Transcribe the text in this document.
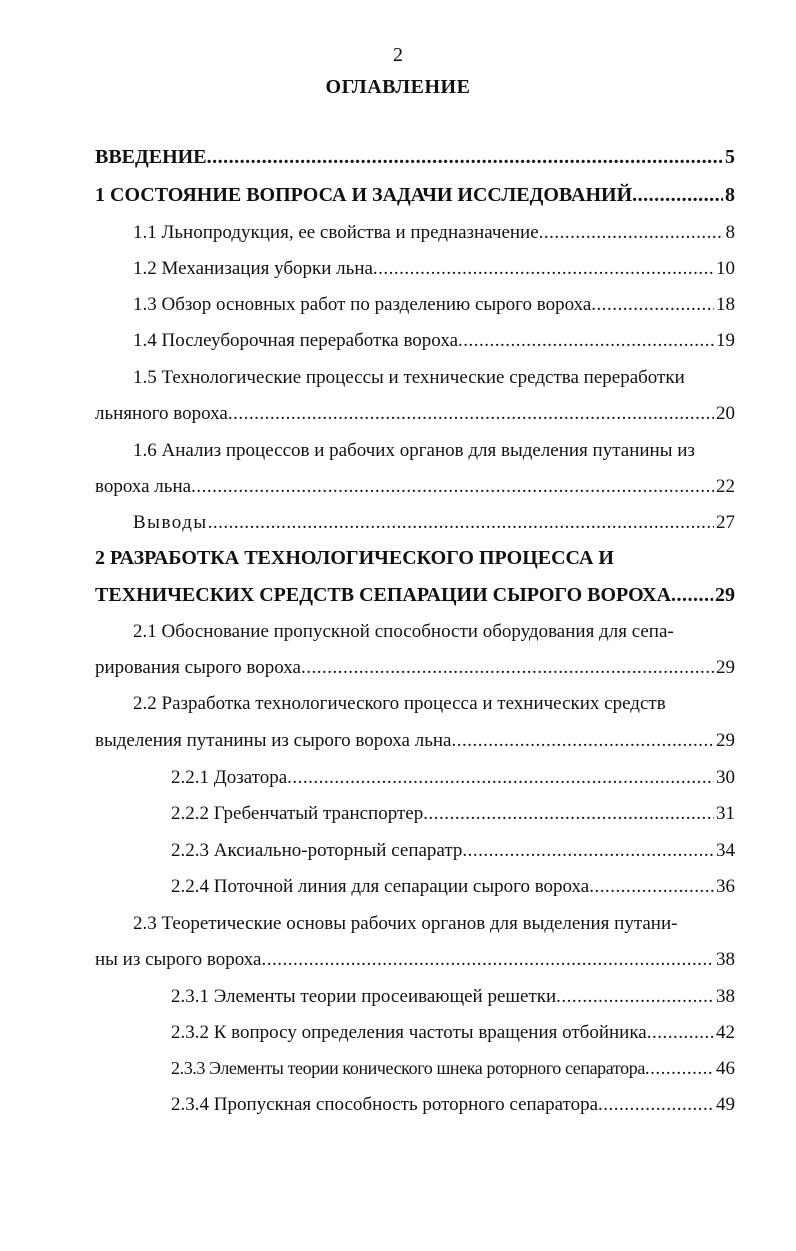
2
ОГЛАВЛЕНИЕ
ВВЕДЕНИЕ .....	5
1 СОСТОЯНИЕ ВОПРОСА И ЗАДАЧИ ИССЛЕДОВАНИЙ .....	8
1.1 Льнопродукция, ее свойства и предназначение .....	8
1.2 Механизация уборки льна .....	10
1.3 Обзор основных работ по разделению сырого вороха .....	18
1.4 Послеуборочная переработка вороха .....	19
1.5 Технологические процессы и технические средства переработки
льняного вороха .....	20
1.6 Анализ процессов и рабочих органов для выделения путанины из
вороха льна .....	22
Выводы .....	27
2 РАЗРАБОТКА ТЕХНОЛОГИЧЕСКОГО ПРОЦЕССА И
ТЕХНИЧЕСКИХ СРЕДСТВ СЕПАРАЦИИ СЫРОГО ВОРОХА ..... 29
2.1 Обоснование пропускной способности оборудования для сепа-
рирования сырого вороха .....	29
2.2 Разработка технологического процесса и технических средств
выделения путанины из сырого вороха льна .....	29
2.2.1 Дозатора .....	30
2.2.2 Гребенчатый транспортер .....	31
2.2.3 Аксиально-роторный сепаратр .....	34
2.2.4 Поточной линия для сепарации сырого вороха .....	36
2.3 Теоретические основы рабочих органов для выделения путани-
ны из сырого вороха .....	38
2.3.1 Элементы теории просеивающей решетки .....	38
2.3.2 К вопросу определения частоты вращения отбойника .....	42
2.3.3 Элементы теории конического шнека роторного сепаратора .....	46
2.3.4 Пропускная способность роторного сепаратора .....	49
